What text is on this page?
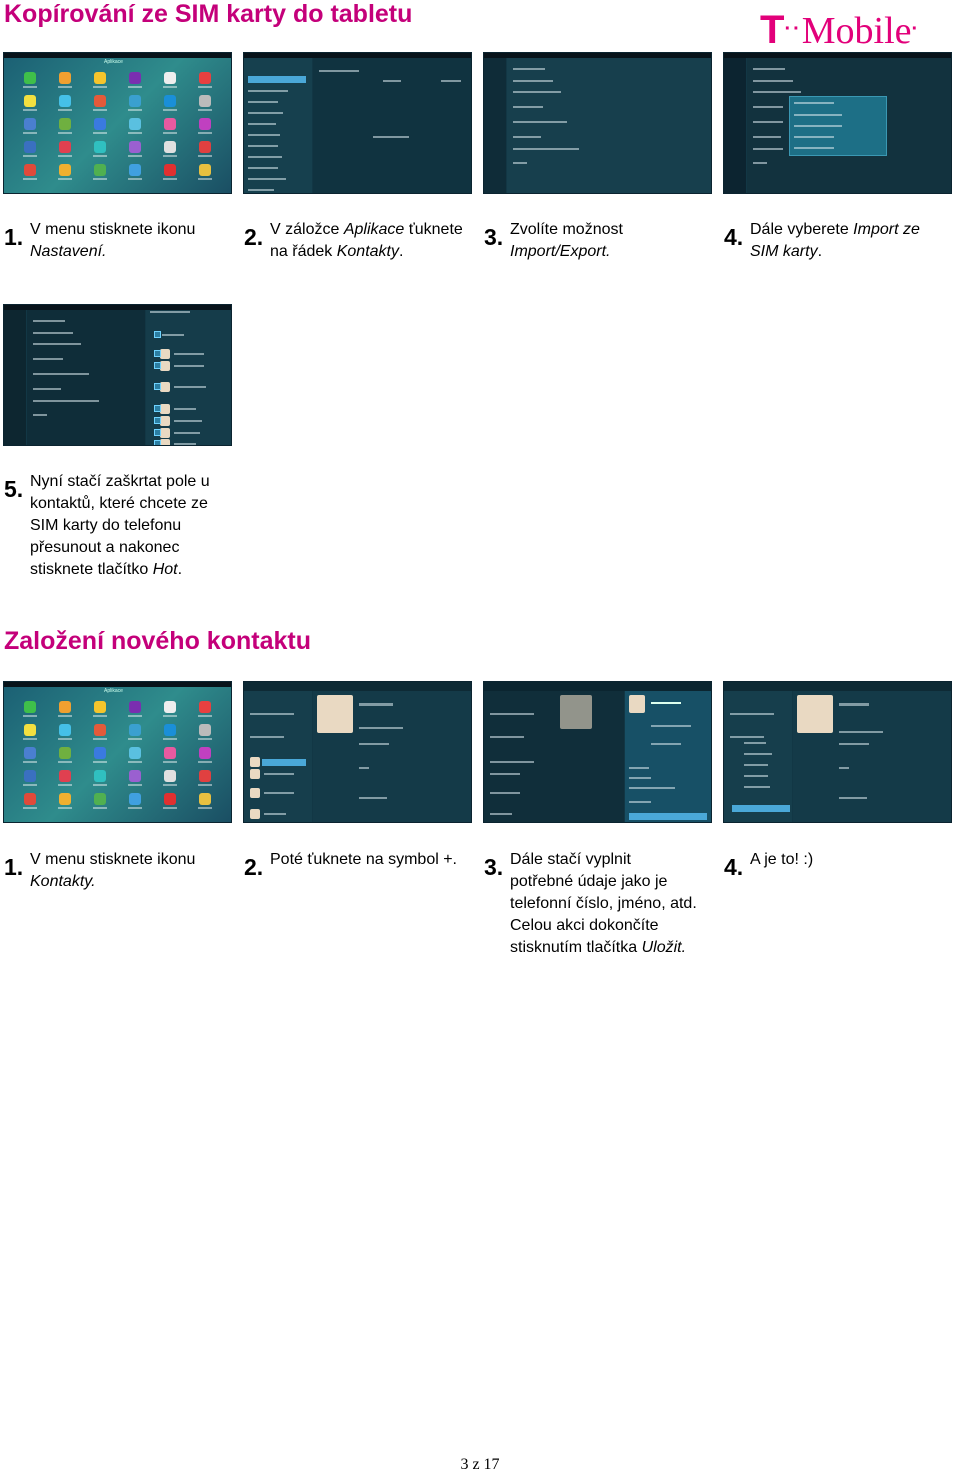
Kopírování ze SIM karty do tabletu	T··Mobile·
Aplikace
1. V menu stisknete ikonu Nastavení.
2. V záložce Aplikace ťuknete na řádek Kontakty.
3. Zvolíte možnost Import/Export.
4. Dále vyberete Import ze SIM karty.
5. Nyní stačí zaškrtat pole u kontaktů, které chcete ze SIM karty do telefonu přesunout a nakonec stisknete tlačítko Hot.
Založení nového kontaktu
Aplikace
1. V menu stisknete ikonu Kontakty.
2. Poté ťuknete na symbol +.	3. Dále stačí vyplnit potřebné údaje jako je telefonní číslo, jméno, atd. Celou akci dokončíte stisknutím tlačítka Uložit.
4. A je to! :)
3 z 17
